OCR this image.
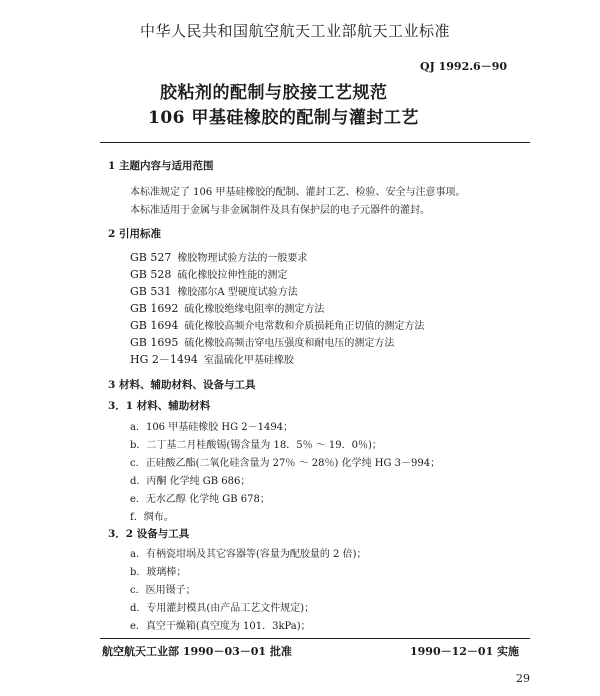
中华人民共和国航空航天工业部航天工业标准
QJ 1992.6－90
胶粘剂的配制与胶接工艺规范
106 甲基硅橡胶的配制与灌封工艺
1 主题内容与适用范围
本标准规定了 106 甲基硅橡胶的配制、灌封工艺、检验、安全与注意事项。
本标准适用于金属与非金属制件及具有保护层的电子元器件的灌封。
2 引用标准
GB 527 橡胶物理试验方法的一般要求
GB 528 硫化橡胶拉伸性能的测定
GB 531 橡胶邵尔A 型硬度试验方法
GB 1692 硫化橡胶绝缘电阻率的测定方法
GB 1694 硫化橡胶高频介电常数和介质损耗角正切值的测定方法
GB 1695 硫化橡胶高频击穿电压强度和耐电压的测定方法
HG 2－1494 室温硫化甲基硅橡胶
3 材料、辅助材料、设备与工具
3．1 材料、辅助材料
a．106 甲基硅橡胶 HG 2－1494；
b．二丁基二月桂酸锡(锡含量为 18．5％ ～ 19．0％)；
c．正硅酸乙酯(二氧化硅含量为 27％ ～ 28％) 化学纯 HG 3－994；
d．丙酮 化学纯 GB 686；
e．无水乙醇 化学纯 GB 678；
f．绸布。
3．2 设备与工具
a．有柄瓷坩埚及其它容器等(容量为配胶量的 2 倍)；
b．玻璃棒；
c．医用镊子；
d．专用灌封模具(由产品工艺文件规定)；
e．真空干燥箱(真空度为 101．3kPa)；
航空航天工业部 1990－03－01 批准	1990－12－01 实施
29
